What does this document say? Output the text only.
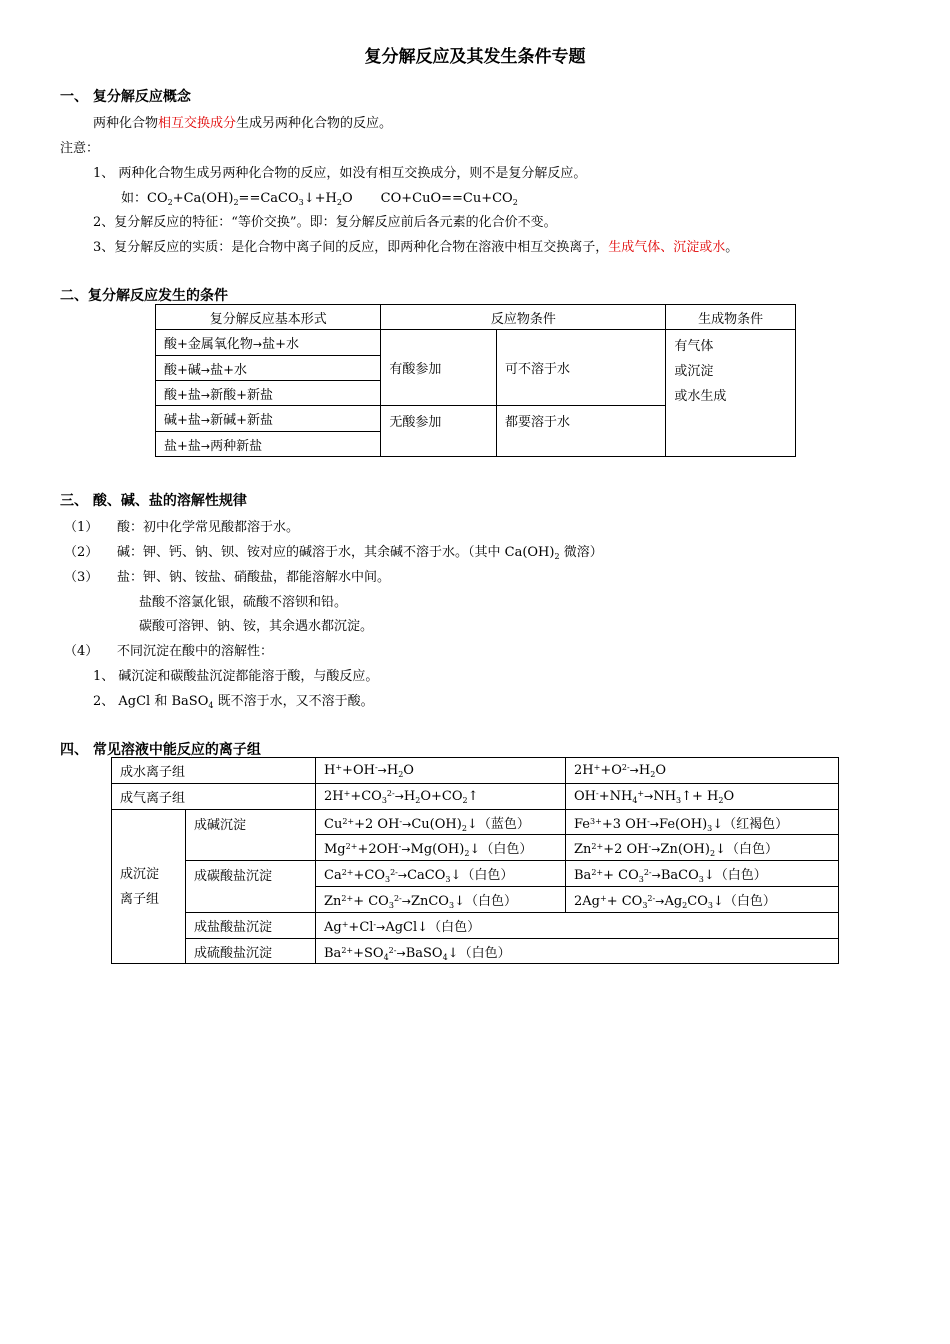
复分解反应及其发生条件专题
一、 复分解反应概念
两种化合物相互交换成分生成另两种化合物的反应。
注意：
1、 两种化合物生成另两种化合物的反应，如没有相互交换成分，则不是复分解反应。
如：$CO_2+Ca(OH)_2==CaCO_3↓+H_2O$ $CO+CuO==Cu+CO_2$
2、复分解反应的特征：“等价交换”。即：复分解反应前后各元素的化合价不变。
3、复分解反应的实质：是化合物中离子间的反应，即两种化合物在溶液中相互交换离子，生成气体、沉淀或水。
二、复分解反应发生的条件
复分解反应基本形式	反应物条件		生成物条件
酸+金属氧化物→盐+水	有酸参加	可不溶于水	有气体
或沉淀
或水生成

酸+碱→盐+水			
酸+盐→新酸+新盐			
碱+盐→新碱+新盐	无酸参加	都要溶于水	
盐+盐→两种新盐			
三、 酸、碱、盐的溶解性规律
（1） 酸：初中化学常见酸都溶于水。
（2） 碱：钾、钙、钠、钡、铵对应的碱溶于水，其余碱不溶于水。（其中 $Ca(OH)_2$ 微溶）
（3） 盐：钾、钠、铵盐、硝酸盐，都能溶解水中间。
盐酸不溶氯化银，硫酸不溶钡和铅。
碳酸可溶钾、钠、铵，其余遇水都沉淀。
（4） 不同沉淀在酸中的溶解性：
1、 碱沉淀和碳酸盐沉淀都能溶于酸，与酸反应。
2、 AgCl 和 BaSO$_4$ 既不溶于水，又不溶于酸。
四、 常见溶液中能反应的离子组
成水离子组		$H^++OH^-\to H_2O$	$2H^++O^{2-}\to H_2O$
成气离子组		$2H^++CO_3^{2-}\to H_2O+CO_2↑$	$OH^-+NH_4^+\to NH_3↑+ H_2O$

成沉淀
离子组	成碱沉淀	$Cu^{2+}+2$ $OH^-\to Cu(OH)_2↓$（蓝色）	$Fe^{3+}+3$ $OH^-\to Fe(OH)_3↓$（红褐色）
		$Mg^{2+}+2OH^-\to Mg(OH)_2↓$（白色）	$Zn^{2+}+2$ $OH^-\to Zn(OH)_2↓$（白色）
	成碳酸盐沉淀	$Ca^{2+}+CO_3^{2-}\to CaCO_3↓$（白色）	$Ba^{2+}+$ $CO_3^{2-}\to BaCO_3↓$（白色）
		$Zn^{2+}+$ $CO_3^{2-}\to ZnCO_3↓$（白色）	$2Ag^++ CO_3^{2-}\to Ag_2CO_3↓$（白色）
	成盐酸盐沉淀	Ag++Cl-→AgCl↓（白色）	
	成硫酸盐沉淀	$Ba^{2+}+SO_4^{2-}\to BaSO_4↓$（白色）	
